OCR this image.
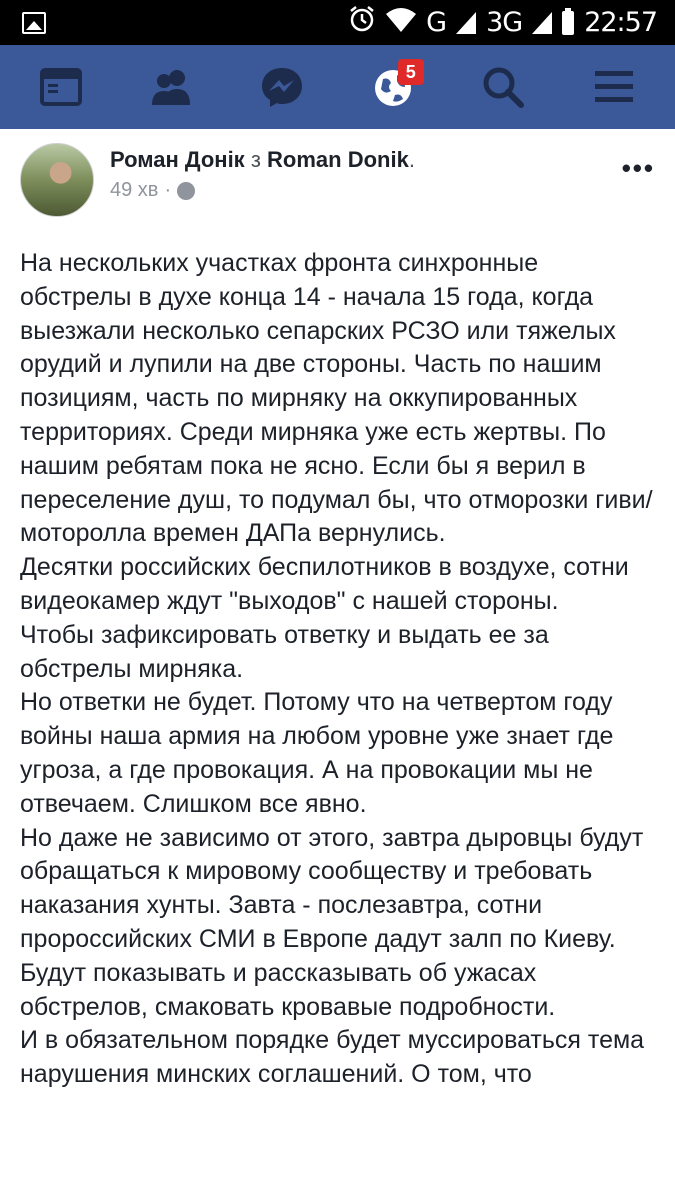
G 3G 22:57
5
Роман Донік з Roman Donik.
49 хв ·
•••

На нескольких участках фронта синхронные обстрелы в духе конца 14 - начала 15 года, когда выезжали несколько сепарских РСЗО или тяжелых орудий и лупили на две стороны. Часть по нашим позициям, часть по мирняку на оккупированных территориях. Среди мирняка уже есть жертвы. По нашим ребятам пока не ясно. Если бы я верил в переселение душ, то подумал бы, что отморозки гиви/моторолла времен ДАПа вернулись.

Десятки российских беспилотников в воздухе, сотни видеокамер ждут "выходов" с нашей стороны.

Чтобы зафиксировать ответку и выдать ее за обстрелы мирняка.

Но ответки не будет. Потому что на четвертом году войны наша армия на любом уровне уже знает где угроза, а где провокация. А на провокации мы не отвечаем. Слишком все явно.

Но даже не зависимо от этого, завтра дыровцы будут обращаться к мировому сообществу и требовать наказания хунты. Завта - послезавтра, сотни пророссийских СМИ в Европе дадут залп по Киеву.

Будут показывать и рассказывать об ужасах обстрелов, смаковать кровавые подробности.

И в обязательном порядке будет муссироваться тема нарушения минских соглашений. О том, что
